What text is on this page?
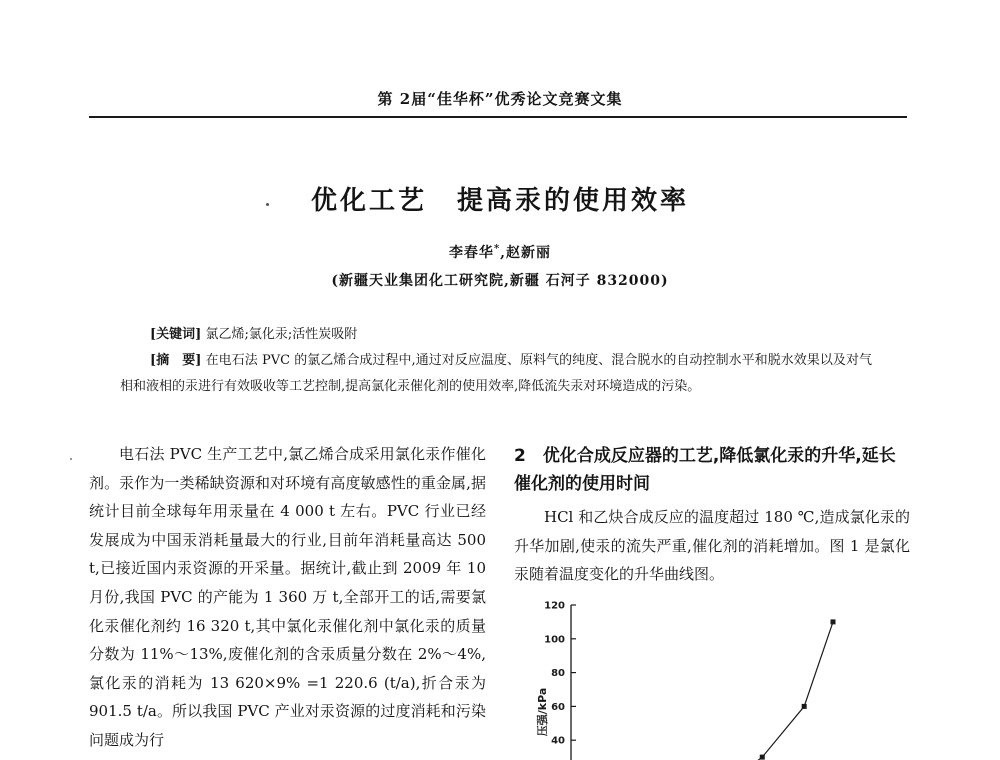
第 2届“佳华杯”优秀论文竞赛文集
优化工艺 提高汞的使用效率
李春华*,赵新丽
(新疆天业集团化工研究院,新疆 石河子 832000)
[关键词] 氯乙烯;氯化汞;活性炭吸附
[摘　要] 在电石法 PVC 的氯乙烯合成过程中,通过对反应温度、原料气的纯度、混合脱水的自动控制水平和脱水效果以及对气相和液相的汞进行有效吸收等工艺控制,提高氯化汞催化剂的使用效率,降低流失汞对环境造成的污染。
电石法 PVC 生产工艺中,氯乙烯合成采用氯化汞作催化剂。汞作为一类稀缺资源和对环境有高度敏感性的重金属,据统计目前全球每年用汞量在 4 000 t 左右。PVC 行业已经发展成为中国汞消耗量最大的行业,目前年消耗量高达 500 t,已接近国内汞资源的开采量。据统计,截止到 2009 年 10 月份,我国 PVC 的产能为 1 360 万 t,全部开工的话,需要氯化汞催化剂约 16 320 t,其中氯化汞催化剂中氯化汞的质量分数为 11%～13%,废催化剂的含汞质量分数在 2%～4%,氯化汞的消耗为 13 620×9% =1 220.6 (t/a),折合汞为 901.5 t/a。所以我国 PVC 产业对汞资源的过度消耗和污染问题成为行
2　优化合成反应器的工艺,降低氯化汞的升华,延长催化剂的使用时间
HCl 和乙炔合成反应的温度超过 180 ℃,造成氯化汞的升华加剧,使汞的流失严重,催化剂的消耗增加。图 1 是氯化汞随着温度变化的升华曲线图。
120
100
80
60
40
压强/kPa
